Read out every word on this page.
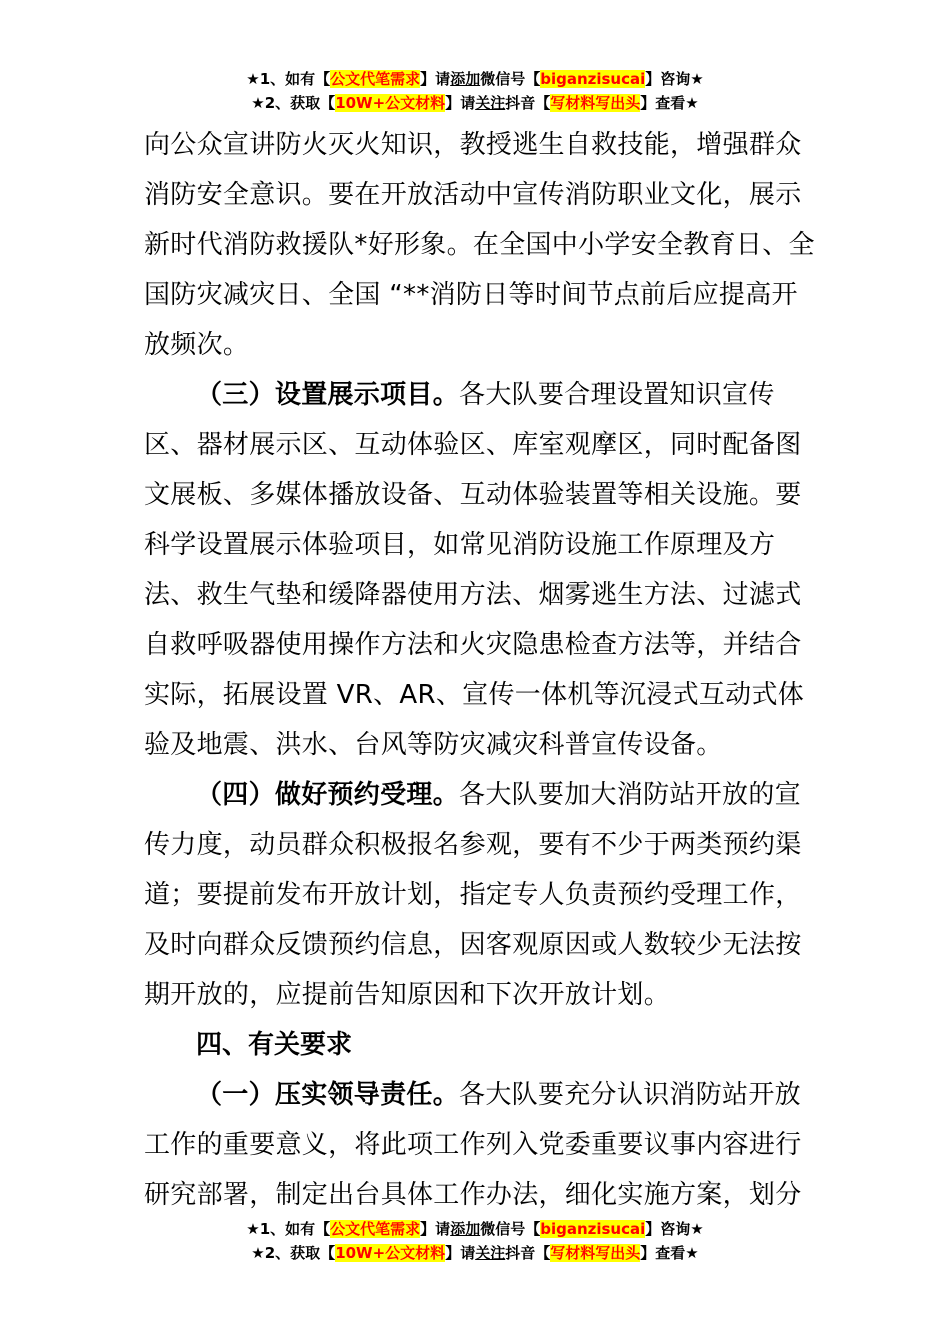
★1、如有【公文代笔需求】请添加微信号【biganzisucai】咨询★
★2、获取【10W+公文材料】请关注抖音【写材料写出头】查看★

向公众宣讲防火灭火知识，教授逃生自救技能，增强群众消防安全意识。要在开放活动中宣传消防职业文化，展示新时代消防救援队*好形象。在全国中小学安全教育日、全国防灾减灾日、全国 “**消防日等时间节点前后应提高开放频次。

（三）设置展示项目。各大队要合理设置知识宣传区、器材展示区、互动体验区、库室观摩区，同时配备图文展板、多媒体播放设备、互动体验装置等相关设施。要科学设置展示体验项目，如常见消防设施工作原理及方法、救生气垫和缓降器使用方法、烟雾逃生方法、过滤式自救呼吸器使用操作方法和火灾隐患检查方法等，并结合实际，拓展设置 VR、AR、宣传一体机等沉浸式互动式体验及地震、洪水、台风等防灾减灾科普宣传设备。

（四）做好预约受理。各大队要加大消防站开放的宣传力度，动员群众积极报名参观，要有不少于两类预约渠道；要提前发布开放计划，指定专人负责预约受理工作，及时向群众反馈预约信息，因客观原因或人数较少无法按期开放的，应提前告知原因和下次开放计划。

四、有关要求

（一）压实领导责任。各大队要充分认识消防站开放工作的重要意义，将此项工作列入党委重要议事内容进行研究部署，制定出台具体工作办法，细化实施方案，划分

★1、如有【公文代笔需求】请添加微信号【biganzisucai】咨询★
★2、获取【10W+公文材料】请关注抖音【写材料写出头】查看★
